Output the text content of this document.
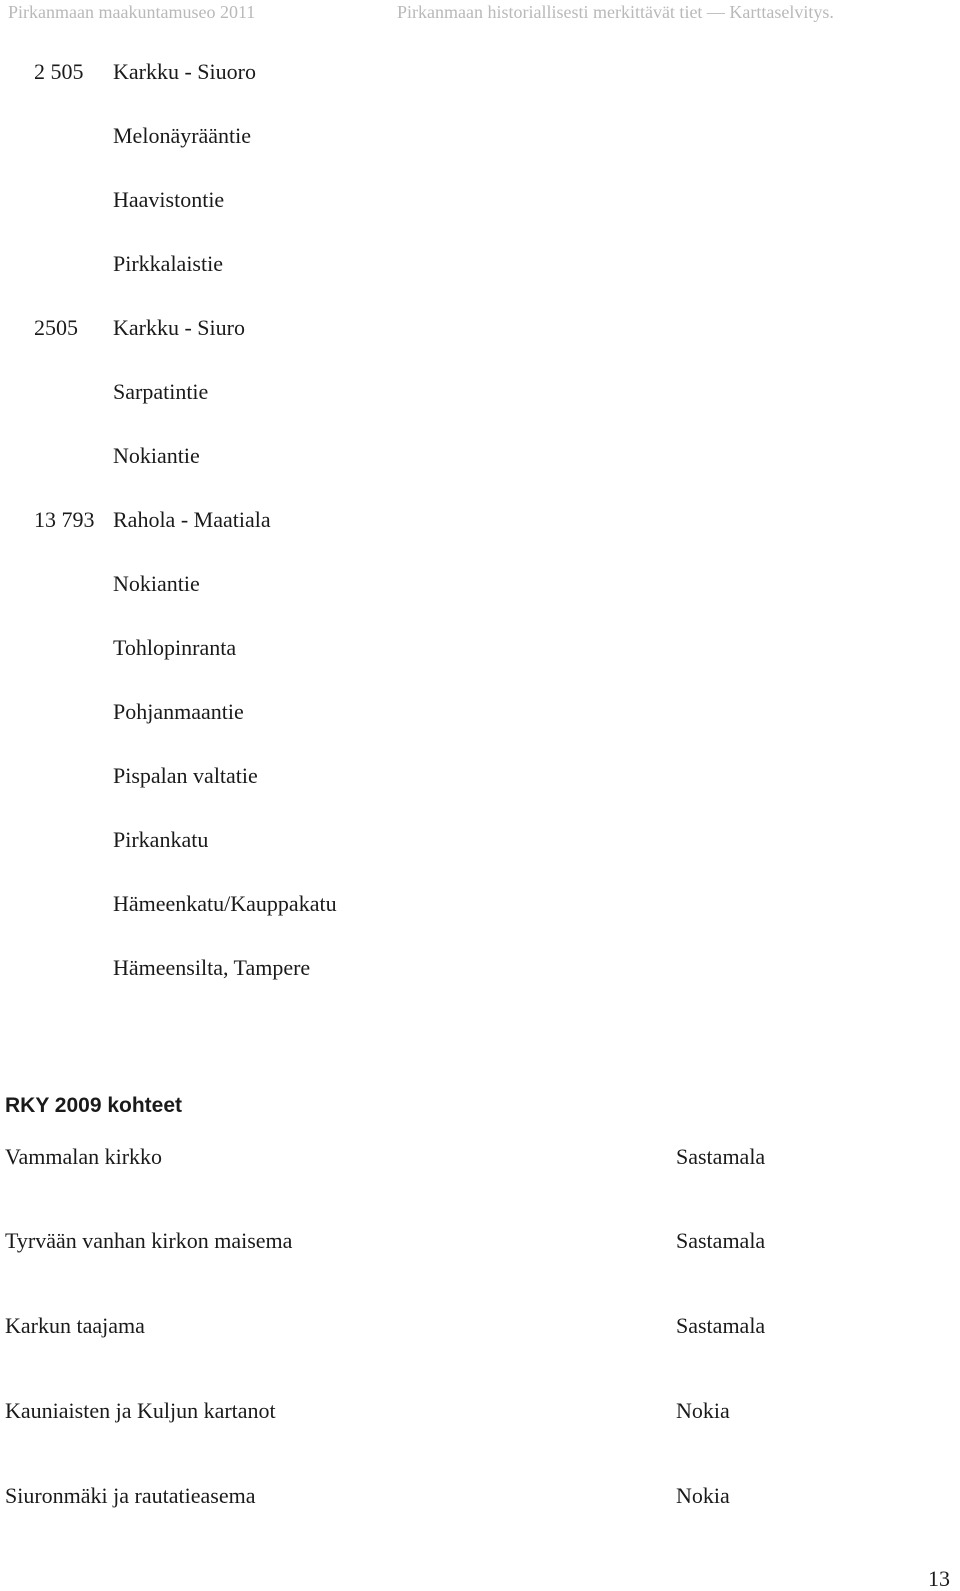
Pirkanmaan maakuntamuseo 2011	Pirkanmaan historiallisesti merkittävät tiet — Karttaselvitys.
2 505 Karkku - Siuoro
Melonäyrääntie
Haavistontie
Pirkkalaistie
2505 Karkku - Siuro
Sarpatintie
Nokiantie
13 793 Rahola - Maatiala
Nokiantie
Tohlopinranta
Pohjanmaantie
Pispalan valtatie
Pirkankatu
Hämeenkatu/Kauppakatu
Hämeensilta, Tampere
RKY 2009 kohteet
Vammalan kirkko	Sastamala
Tyrvään vanhan kirkon maisema	Sastamala
Karkun taajama	Sastamala
Kauniaisten ja Kuljun kartanot	Nokia
Siuronmäki ja rautatieasema	Nokia
13
